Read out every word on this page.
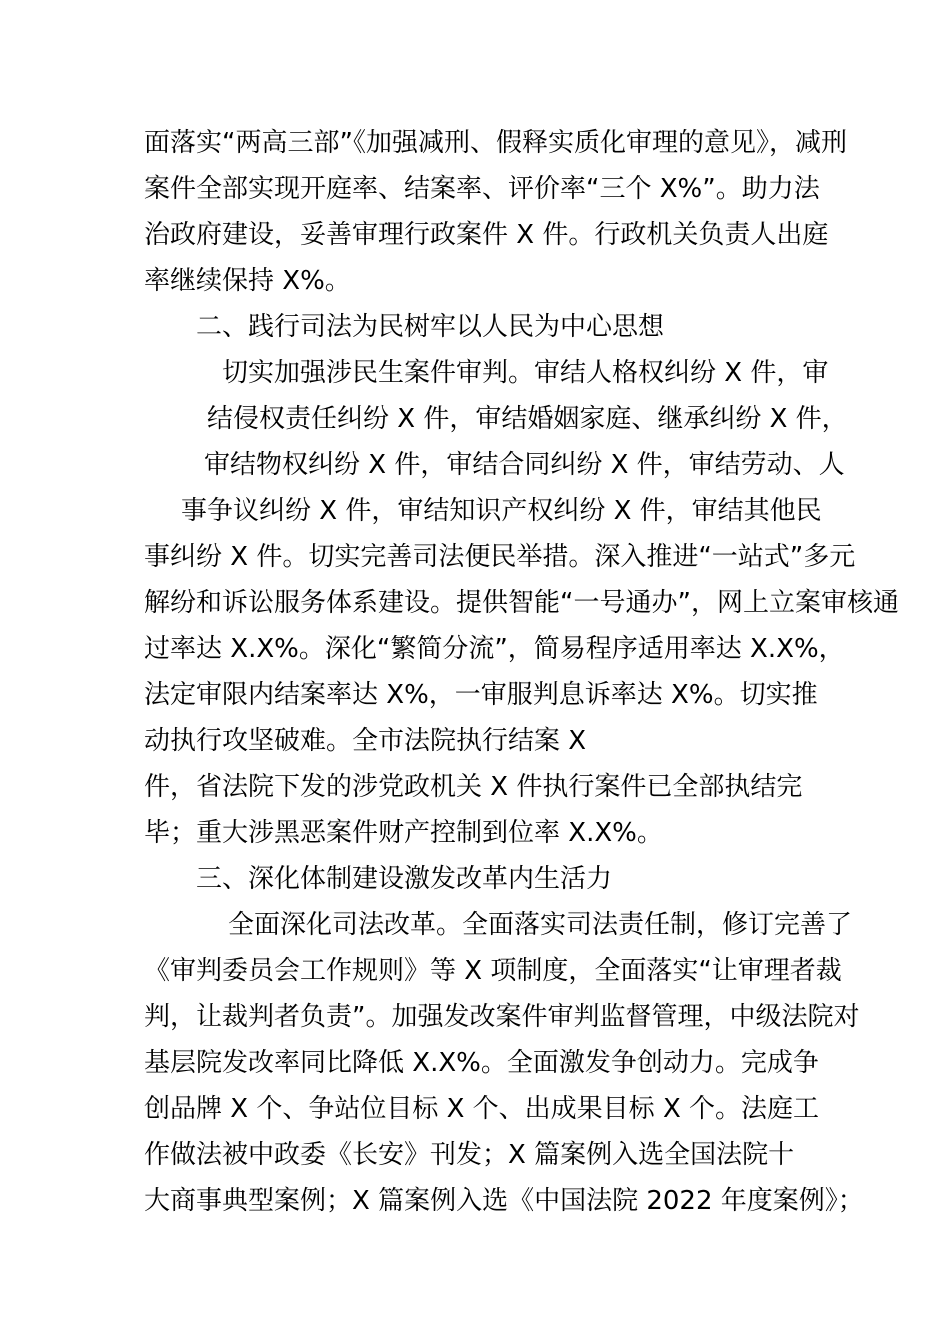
面落实“两高三部”《加强减刑、假释实质化审理的意见》，减刑
案件全部实现开庭率、结案率、评价率“三个 X%”。助力法
治政府建设，妥善审理行政案件 X 件。行政机关负责人出庭
率继续保持 X%。
二、践行司法为民树牢以人民为中心思想
切实加强涉民生案件审判。审结人格权纠纷 X 件，审
结侵权责任纠纷 X 件，审结婚姻家庭、继承纠纷 X 件，
审结物权纠纷 X 件，审结合同纠纷 X 件，审结劳动、人
事争议纠纷 X 件，审结知识产权纠纷 X 件，审结其他民
事纠纷 X 件。切实完善司法便民举措。深入推进“一站式”多元
解纷和诉讼服务体系建设。提供智能“一号通办”，网上立案审核通
过率达 X.X%。深化“繁简分流”，简易程序适用率达 X.X%，
法定审限内结案率达 X%，一审服判息诉率达 X%。切实推
动执行攻坚破难。全市法院执行结案 X
件，省法院下发的涉党政机关 X 件执行案件已全部执结完
毕；重大涉黑恶案件财产控制到位率 X.X%。
三、深化体制建设激发改革内生活力
全面深化司法改革。全面落实司法责任制，修订完善了
《审判委员会工作规则》等 X 项制度，全面落实“让审理者裁
判，让裁判者负责”。加强发改案件审判监督管理，中级法院对
基层院发改率同比降低 X.X%。全面激发争创动力。完成争
创品牌 X 个、争站位目标 X 个、出成果目标 X 个。法庭工
作做法被中政委《长安》刊发；X 篇案例入选全国法院十
大商事典型案例；X 篇案例入选《中国法院 2022 年度案例》；
